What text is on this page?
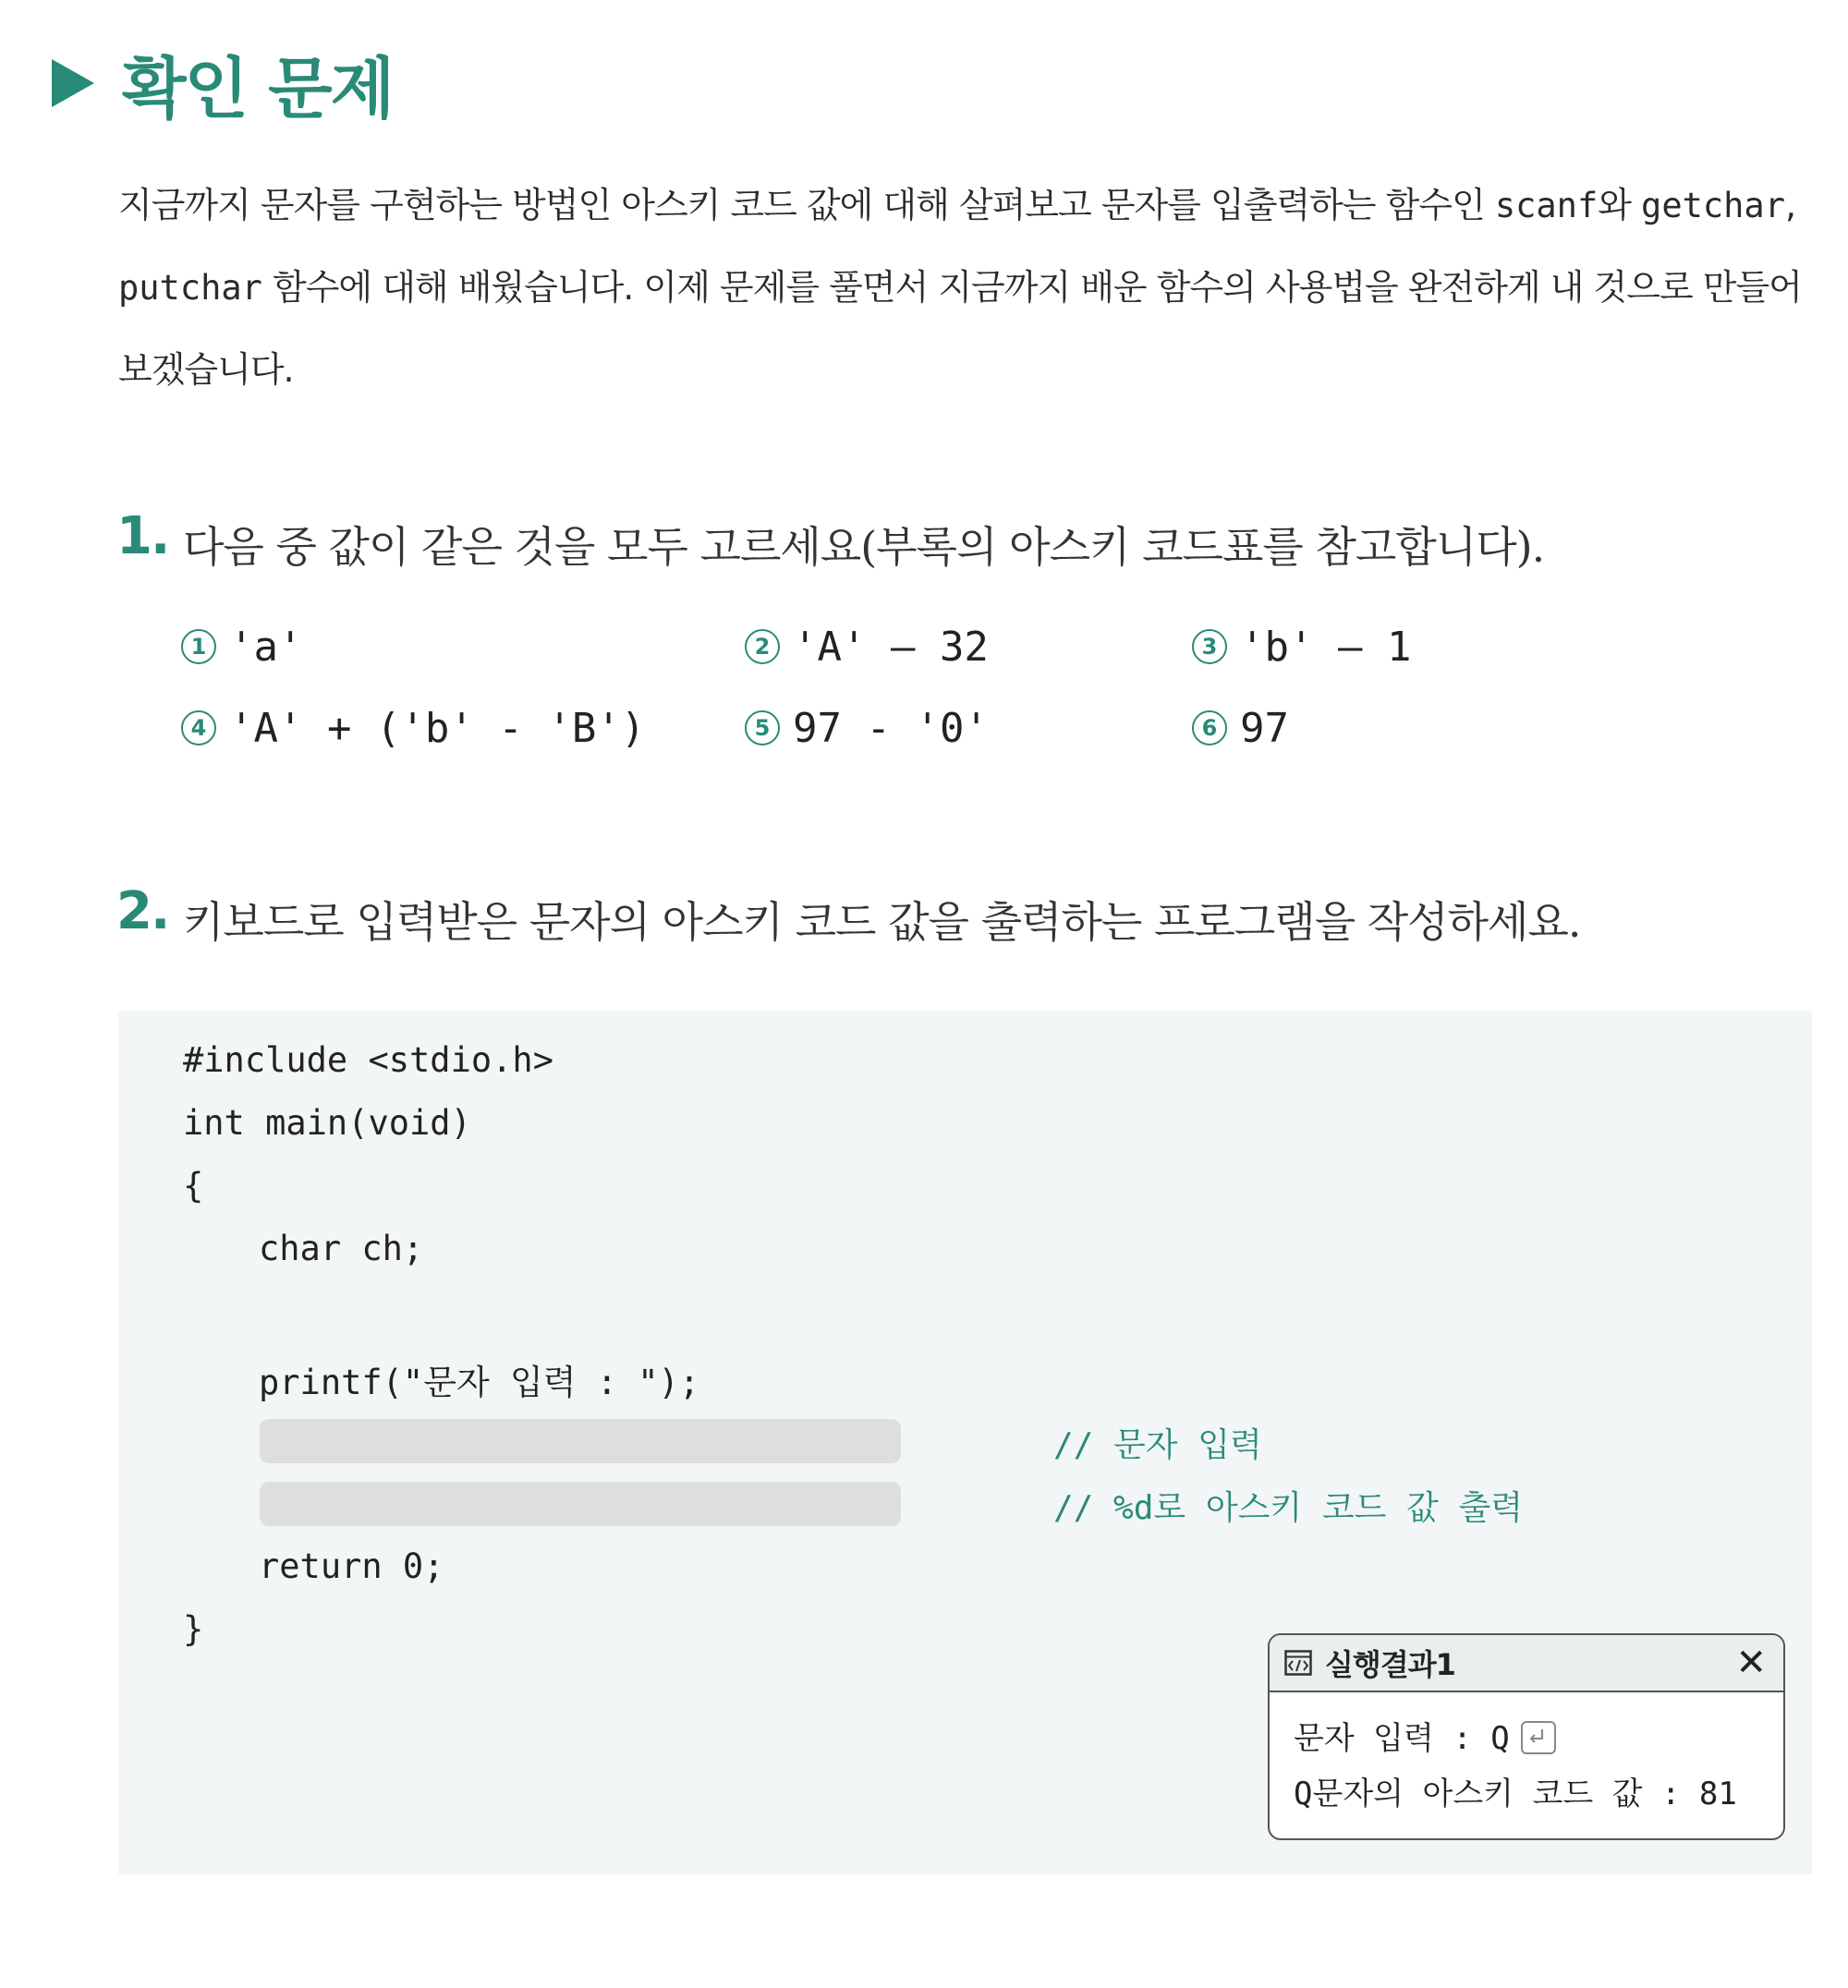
확인 문제
지금까지 문자를 구현하는 방법인 아스키 코드 값에 대해 살펴보고 문자를 입출력하는 함수인 scanf와 getchar,
putchar 함수에 대해 배웠습니다. 이제 문제를 풀면서 지금까지 배운 함수의 사용법을 완전하게 내 것으로 만들어보겠습니다.
1. 다음 중 값이 같은 것을 모두 고르세요(부록의 아스키 코드표를 참고합니다).
1 'a'	2 'A' – 32	3 'b' – 1
4 'A' + ('b' - 'B')	5 97 - '0'	6 97
2. 키보드로 입력받은 문자의 아스키 코드 값을 출력하는 프로그램을 작성하세요.
#include <stdio.h>
int main(void)
{
char ch;
printf("문자 입력 : ");
// 문자 입력
// %d로 아스키 코드 값 출력
return 0;
}
실행결과1	✕
문자 입력 : Q
Q문자의 아스키 코드 값 : 81
